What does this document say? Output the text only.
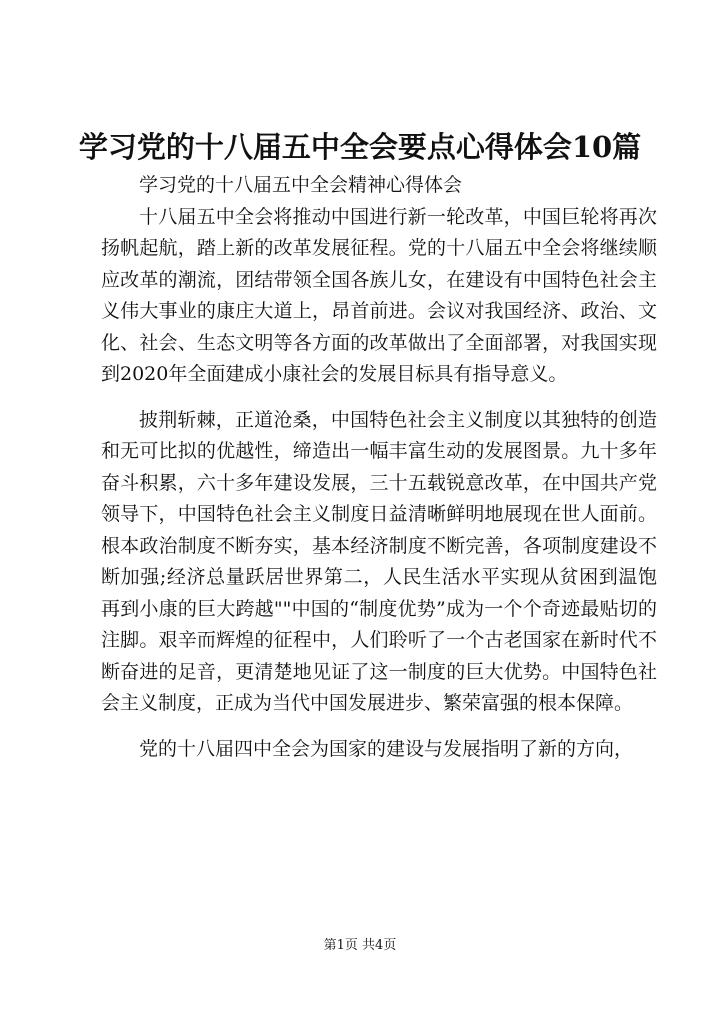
学习党的十八届五中全会要点心得体会10篇

学习党的十八届五中全会精神心得体会

十八届五中全会将推动中国进行新一轮改革，中国巨轮将再次扬帆起航，踏上新的改革发展征程。党的十八届五中全会将继续顺应改革的潮流，团结带领全国各族儿女，在建设有中国特色社会主义伟大事业的康庄大道上，昂首前进。会议对我国经济、政治、文化、社会、生态文明等各方面的改革做出了全面部署，对我国实现到2020年全面建成小康社会的发展目标具有指导意义。

披荆斩棘，正道沧桑，中国特色社会主义制度以其独特的创造和无可比拟的优越性，缔造出一幅丰富生动的发展图景。九十多年奋斗积累，六十多年建设发展，三十五载锐意改革，在中国共产党领导下，中国特色社会主义制度日益清晰鲜明地展现在世人面前。根本政治制度不断夯实，基本经济制度不断完善，各项制度建设不断加强;经济总量跃居世界第二，人民生活水平实现从贫困到温饱再到小康的巨大跨越""中国的“制度优势”成为一个个奇迹最贴切的注脚。艰辛而辉煌的征程中，人们聆听了一个古老国家在新时代不断奋进的足音，更清楚地见证了这一制度的巨大优势。中国特色社会主义制度，正成为当代中国发展进步、繁荣富强的根本保障。

党的十八届四中全会为国家的建设与发展指明了新的方向，

第1页 共4页
